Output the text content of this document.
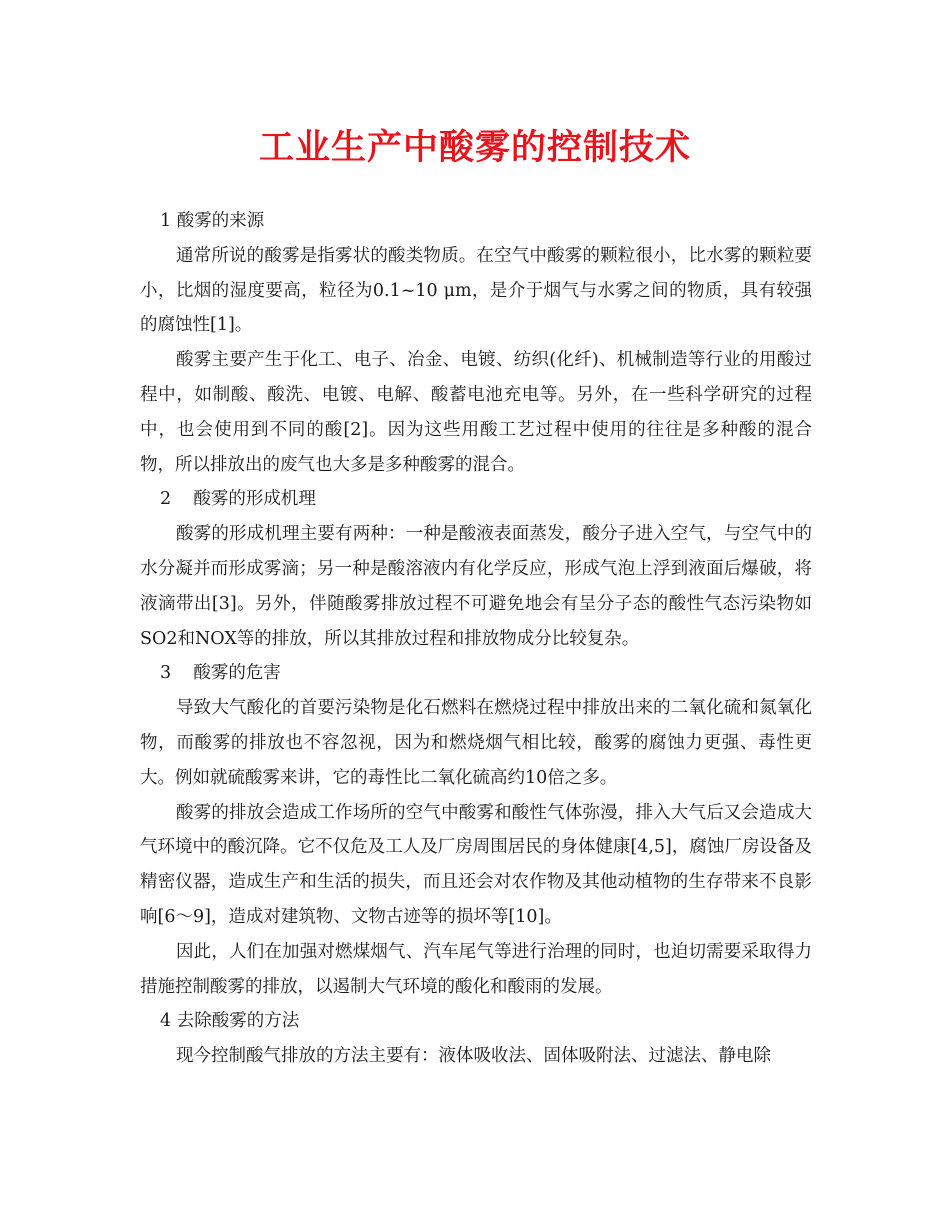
工业生产中酸雾的控制技术

1 酸雾的来源

通常所说的酸雾是指雾状的酸类物质。在空气中酸雾的颗粒很小，比水雾的颗粒要小，比烟的湿度要高，粒径为0.1~10 μm，是介于烟气与水雾之间的物质，具有较强的腐蚀性[1]。

酸雾主要产生于化工、电子、冶金、电镀、纺织(化纤)、机械制造等行业的用酸过程中，如制酸、酸洗、电镀、电解、酸蓄电池充电等。另外，在一些科学研究的过程中，也会使用到不同的酸[2]。因为这些用酸工艺过程中使用的往往是多种酸的混合物，所以排放出的废气也大多是多种酸雾的混合。

2    酸雾的形成机理

酸雾的形成机理主要有两种：一种是酸液表面蒸发，酸分子进入空气，与空气中的水分凝并而形成雾滴；另一种是酸溶液内有化学反应，形成气泡上浮到液面后爆破，将液滴带出[3]。另外，伴随酸雾排放过程不可避免地会有呈分子态的酸性气态污染物如SO2和NOX等的排放，所以其排放过程和排放物成分比较复杂。

3    酸雾的危害

导致大气酸化的首要污染物是化石燃料在燃烧过程中排放出来的二氧化硫和氮氧化物，而酸雾的排放也不容忽视，因为和燃烧烟气相比较，酸雾的腐蚀力更强、毒性更大。例如就硫酸雾来讲，它的毒性比二氧化硫高约10倍之多。

酸雾的排放会造成工作场所的空气中酸雾和酸性气体弥漫，排入大气后又会造成大气环境中的酸沉降。它不仅危及工人及厂房周围居民的身体健康[4,5]，腐蚀厂房设备及精密仪器，造成生产和生活的损失，而且还会对农作物及其他动植物的生存带来不良影响[6～9]，造成对建筑物、文物古迹等的损坏等[10]。

因此，人们在加强对燃煤烟气、汽车尾气等进行治理的同时，也迫切需要采取得力措施控制酸雾的排放，以遏制大气环境的酸化和酸雨的发展。

4 去除酸雾的方法

现今控制酸气排放的方法主要有：液体吸收法、固体吸附法、过滤法、静电除
